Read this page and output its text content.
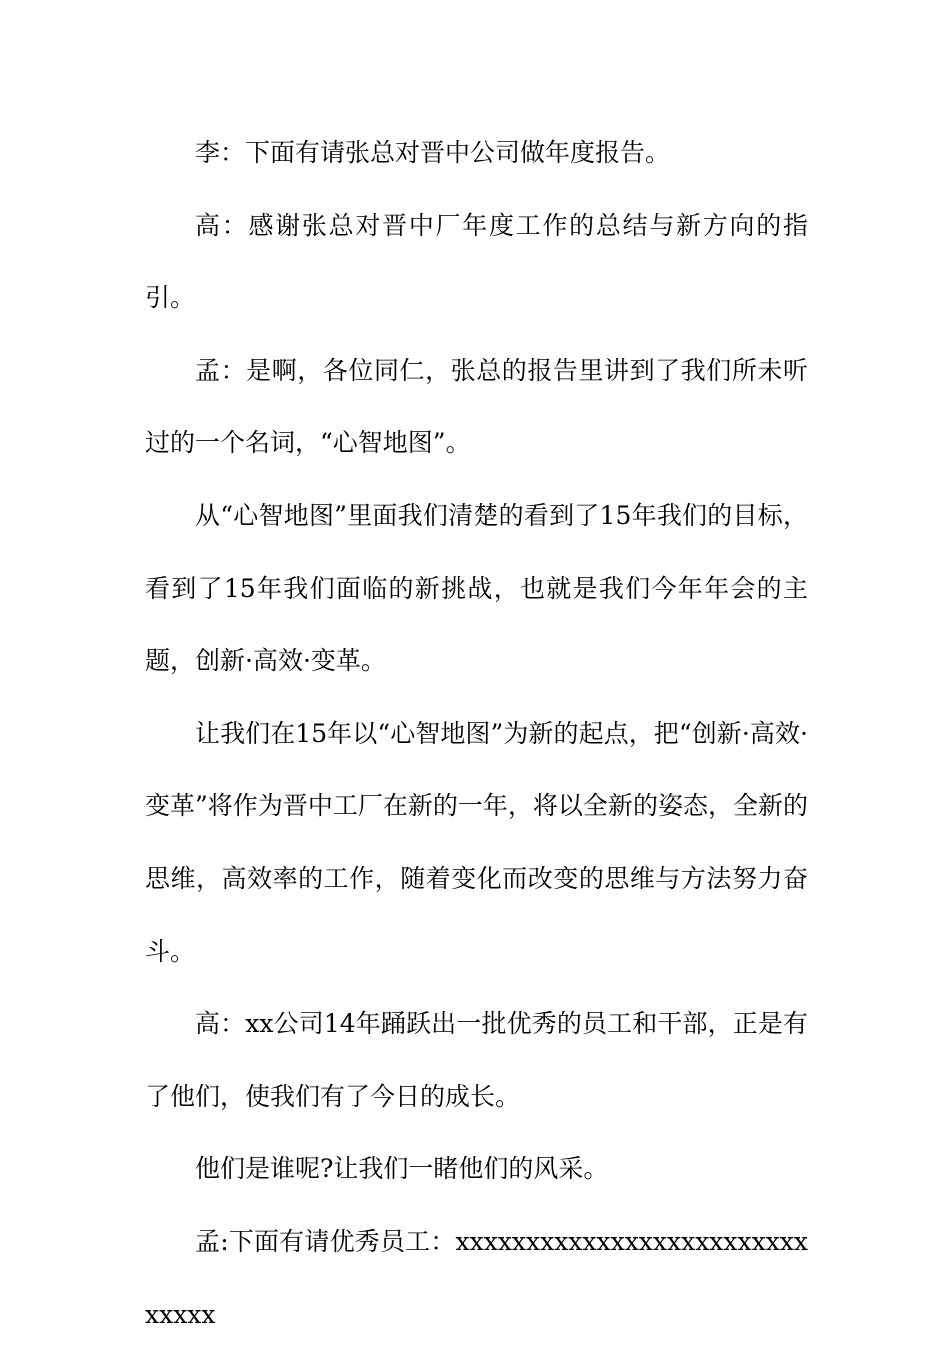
李：下面有请张总对晋中公司做年度报告。

高：感谢张总对晋中厂年度工作的总结与新方向的指引。

孟：是啊，各位同仁，张总的报告里讲到了我们所未听过的一个名词，“心智地图”。

从“心智地图”里面我们清楚的看到了15年我们的目标，看到了15年我们面临的新挑战，也就是我们今年年会的主题，创新·高效·变革。

让我们在15年以“心智地图”为新的起点，把“创新·高效·变革”将作为晋中工厂在新的一年，将以全新的姿态，全新的思维，高效率的工作，随着变化而改变的思维与方法努力奋斗。

高：xx公司14年踊跃出一批优秀的员工和干部，正是有了他们，使我们有了今日的成长。

他们是谁呢?让我们一睹他们的风采。

孟:下面有请优秀员工：xxxxxxxxxxxxxxxxxxxxxxxxxxxxxx
